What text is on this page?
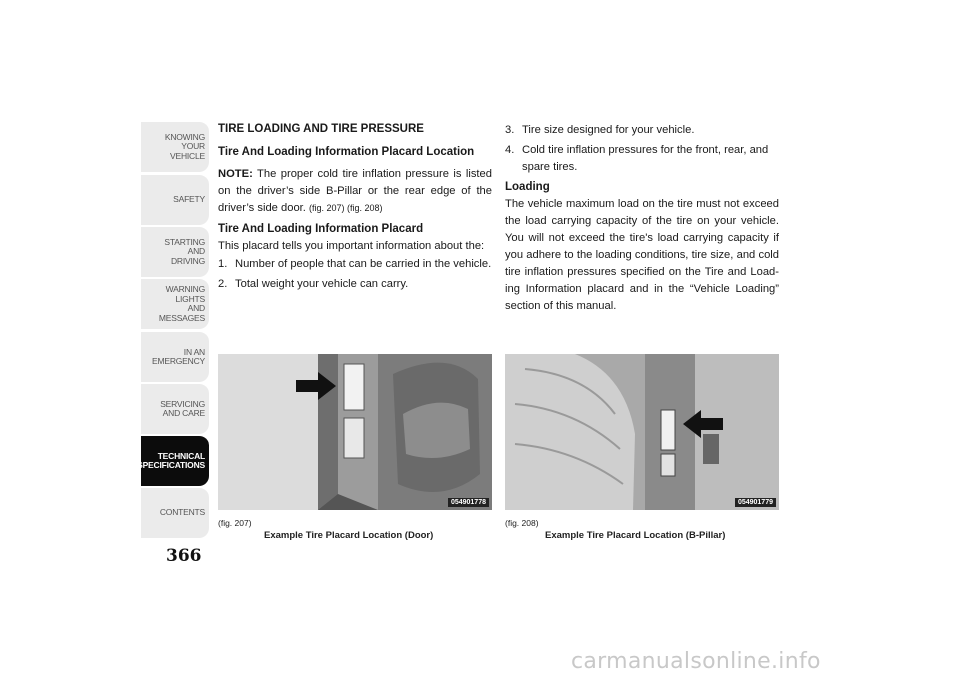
KNOWING
YOUR
VEHICLE
SAFETY
STARTING
AND
DRIVING
WARNING
LIGHTS
AND
MESSAGES
IN AN
EMERGENCY
SERVICING
AND CARE
TECHNICAL
SPECIFICATIONS
CONTENTS
366
TIRE LOADING AND TIRE PRESSURE
Tire And Loading Information Placard Location

NOTE: The proper cold tire inflation pressure is listed on the driver’s side B-Pillar or the rear edge of the driver’s side door. (fig. 207) (fig. 208)

Tire And Loading Information Placard

This placard tells you important information about the:

1. Number of people that can be carried in the vehicle.
2. Total weight your vehicle can carry.
3. Tire size designed for your vehicle.
4. Cold tire inflation pressures for the front, rear, and spare tires.
Loading

The vehicle maximum load on the tire must not exceed the load carrying capacity of the tire on your vehicle. You will not exceed the tire's load carrying capacity if you adhere to the loading conditions, tire size, and cold tire inflation pressures specified on the Tire and Load- ing Information placard and in the “Vehicle Loading” section of this manual.

054901778
(fig. 207)
Example Tire Placard Location (Door)
054901779
(fig. 208)
Example Tire Placard Location (B-Pillar)
carmanualsonline.info
